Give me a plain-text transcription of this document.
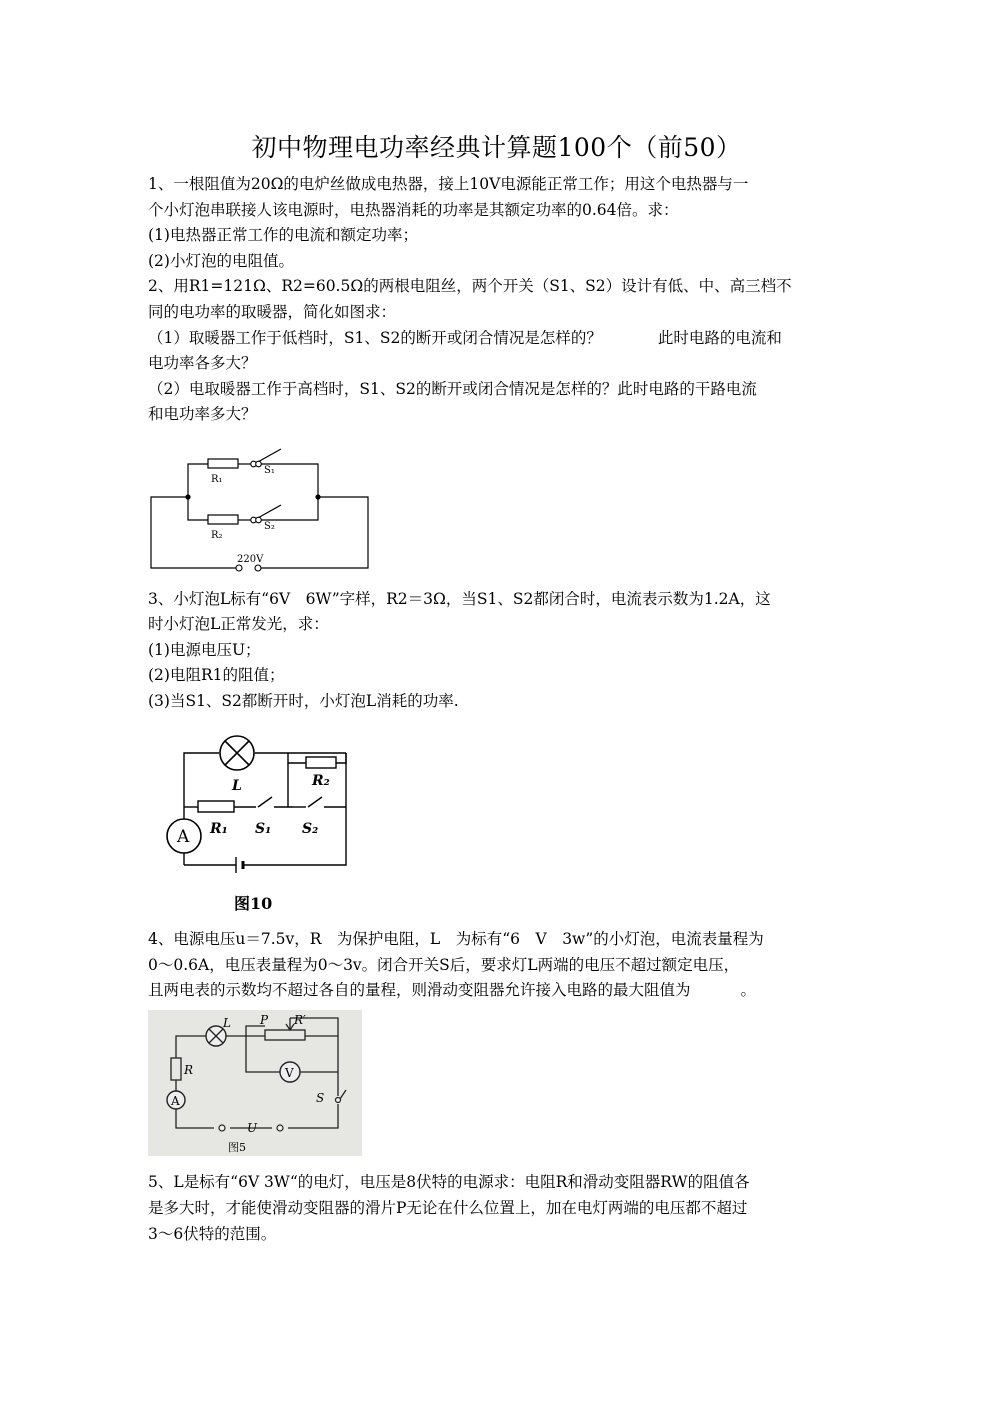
初中物理电功率经典计算题100个（前50）

1、一根阻值为20Ω的电炉丝做成电热器，接上10V电源能正常工作；用这个电热器与一

个小灯泡串联接人该电源时，电热器消耗的功率是其额定功率的0.64倍。求：

(1)电热器正常工作的电流和额定功率；

(2)小灯泡的电阻值。

2、用R1=121Ω、R2=60.5Ω的两根电阻丝，两个开关（S1、S2）设计有低、中、高三档不

同的电功率的取暖器，简化如图求：

（1）取暖器工作于低档时，S1、S2的断开或闭合情况是怎样的？	此时电路的电流和

电功率各多大？

（2）电取暖器工作于高档时，S1、S2的断开或闭合情况是怎样的？此时电路的干路电流

和电功率多大？

R₁
S₁
R₂
S₂
220V

3、小灯泡L标有“6V　6W”字样，R2＝3Ω，当S1、S2都闭合时，电流表示数为1.2A，这

时小灯泡L正常发光，求：

(1)电源电压U；

(2)电阻R1的阻值；

(3)当S1、S2都断开时，小灯泡L消耗的功率.

A
R₂
L
R₁ S₁ S₂
图10

4、电源电压u＝7.5v，R　为保护电阻，L　为标有“6　V　3w”的小灯泡，电流表量程为

0～0.6A，电压表量程为0～3v。闭合开关S后，要求灯L两端的电压不超过额定电压，

且两电表的示数均不超过各自的量程，则滑动变阻器允许接入电路的最大阻值为	。

V
A
L P R′
R
S
U
图5

5、L是标有“6V 3W“的电灯，电压是8伏特的电源求：电阻R和滑动变阻器RW的阻值各

是多大时，才能使滑动变阻器的滑片P无论在什么位置上，加在电灯两端的电压都不超过

3～6伏特的范围。
